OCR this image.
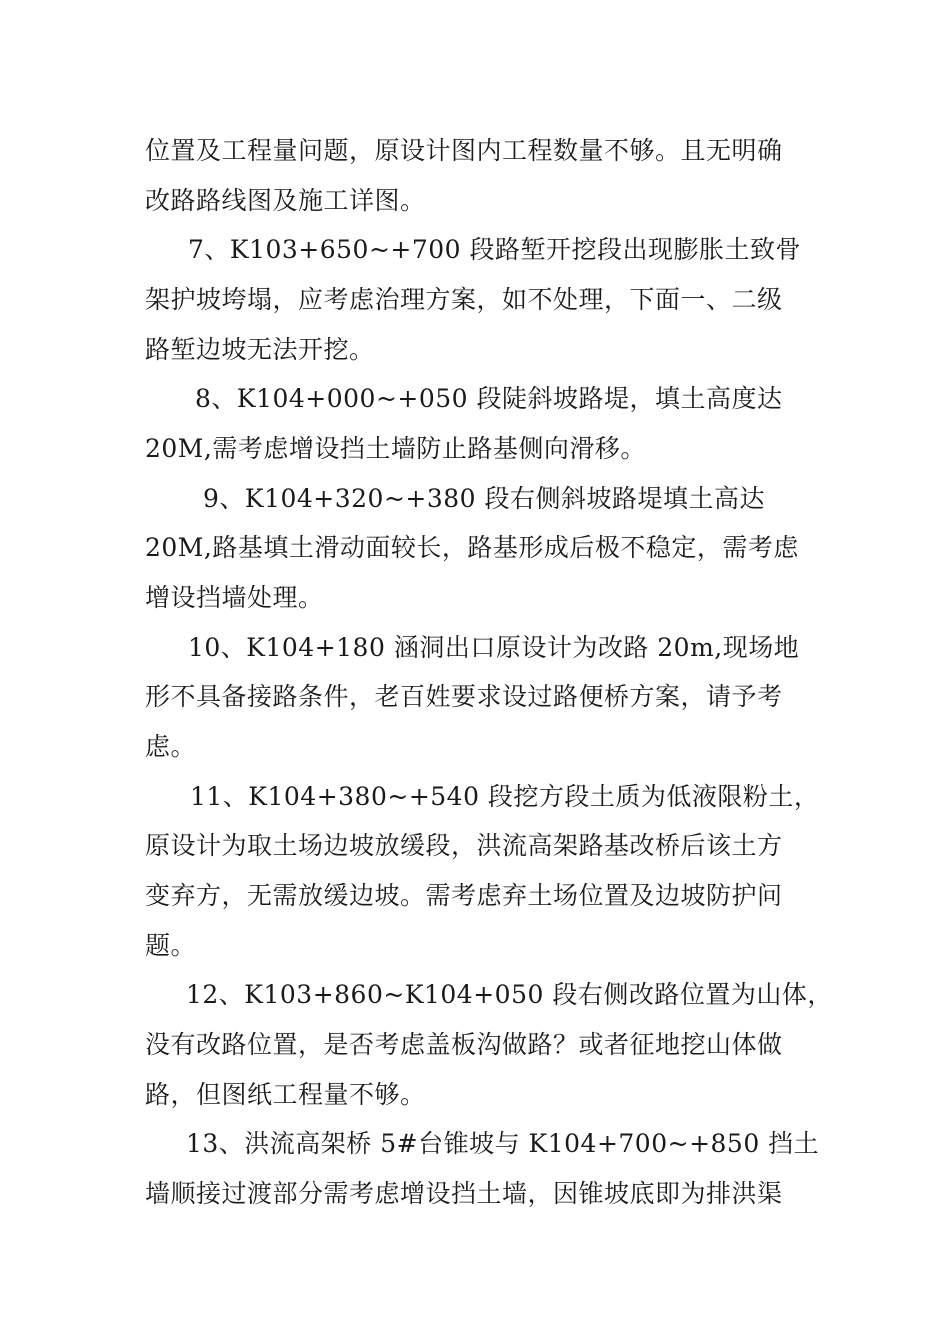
位置及工程量问题，原设计图内工程数量不够。且无明确
改路路线图及施工详图。
7、K103+650~+700 段路堑开挖段出现膨胀土致骨
架护坡垮塌，应考虑治理方案，如不处理，下面一、二级
路堑边坡无法开挖。
8、K104+000~+050 段陡斜坡路堤，填土高度达
20M,需考虑增设挡土墙防止路基侧向滑移。
9、K104+320~+380 段右侧斜坡路堤填土高达
20M,路基填土滑动面较长，路基形成后极不稳定，需考虑
增设挡墙处理。
10、K104+180 涵洞出口原设计为改路 20m,现场地
形不具备接路条件，老百姓要求设过路便桥方案，请予考
虑。
11、K104+380~+540 段挖方段土质为低液限粉土，
原设计为取土场边坡放缓段，洪流高架路基改桥后该土方
变弃方，无需放缓边坡。需考虑弃土场位置及边坡防护问
题。
12、K103+860~K104+050 段右侧改路位置为山体，
没有改路位置，是否考虑盖板沟做路？或者征地挖山体做
路，但图纸工程量不够。
13、洪流高架桥 5#台锥坡与 K104+700~+850 挡土
墙顺接过渡部分需考虑增设挡土墙，因锥坡底即为排洪渠
